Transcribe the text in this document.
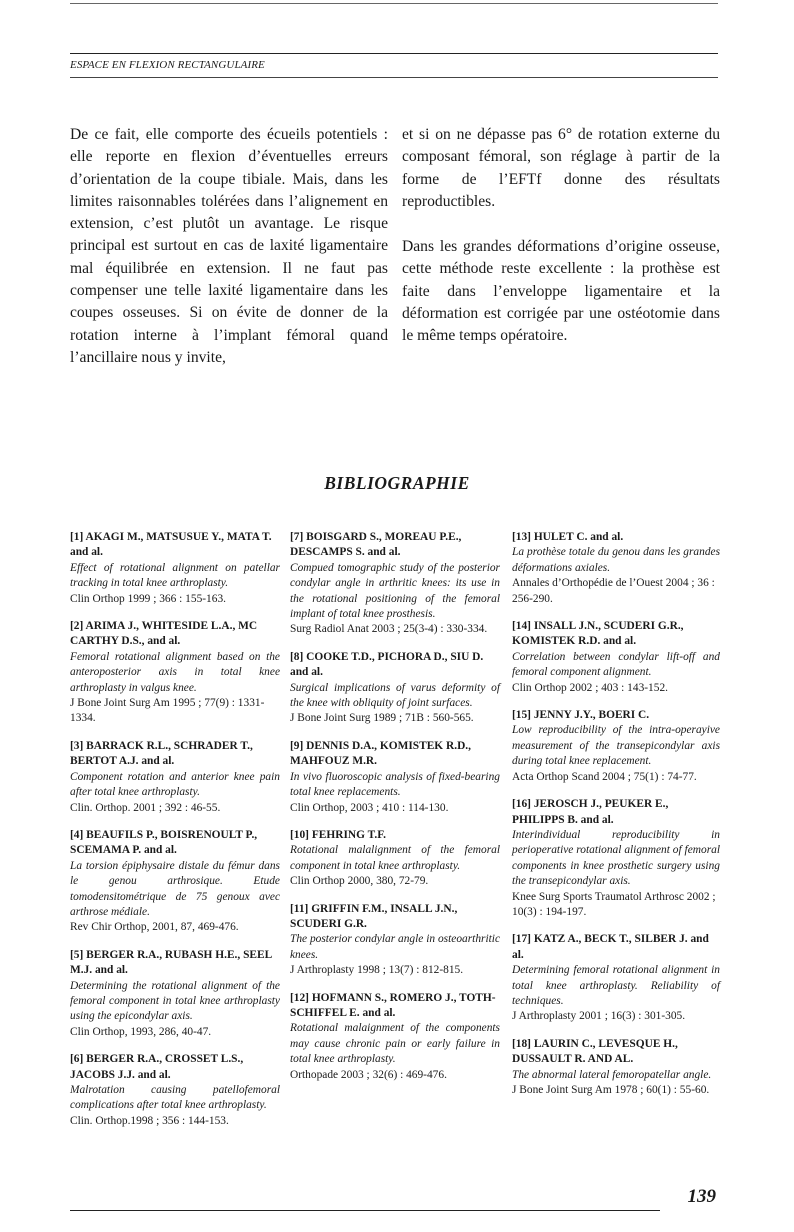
ESPACE EN FLEXION RECTANGULAIRE

De ce fait, elle comporte des écueils potentiels : elle reporte en flexion d’éventuelles erreurs d’orientation de la coupe tibiale. Mais, dans les limites raisonnables tolérées dans l’alignement en extension, c’est plutôt un avantage. Le risque principal est surtout en cas de laxité ligamentaire mal équilibrée en extension. Il ne faut pas compenser une telle laxité ligamentaire dans les coupes osseuses. Si on évite de donner de la rotation interne à l’implant fémoral quand l’ancillaire nous y invite,

et si on ne dépasse pas 6° de rotation externe du composant fémoral, son réglage à partir de la forme de l’EFTf donne des résultats reproductibles.

Dans les grandes déformations d’origine osseuse, cette méthode reste excellente : la prothèse est faite dans l’enveloppe ligamentaire et la déformation est corrigée par une ostéotomie dans le même temps opératoire.

BIBLIOGRAPHIE
[1] AKAGI M., MATSUSUE Y., MATA T. and al.
Effect of rotational alignment on patellar tracking in total knee arthroplasty.
Clin Orthop 1999 ; 366 : 155-163.
[2] ARIMA J., WHITESIDE L.A., MC CARTHY D.S., and al.
Femoral rotational alignment based on the anteroposterior axis in total knee arthroplasty in valgus knee.
J Bone Joint Surg Am 1995 ; 77(9) : 1331-1334.
[3] BARRACK R.L., SCHRADER T., BERTOT A.J. and al.
Component rotation and anterior knee pain after total knee arthroplasty.
Clin. Orthop. 2001 ; 392 : 46-55.
[4] BEAUFILS P., BOISRENOULT P., SCEMAMA P. and al.
La torsion épiphysaire distale du fémur dans le genou arthrosique. Etude tomodensitométrique de 75 genoux avec arthrose médiale.
Rev Chir Orthop, 2001, 87, 469-476.
[5] BERGER R.A., RUBASH H.E., SEEL M.J. and al.
Determining the rotational alignment of the femoral component in total knee arthroplasty using the epicondylar axis.
Clin Orthop, 1993, 286, 40-47.
[6] BERGER R.A., CROSSET L.S., JACOBS J.J. and al.
Malrotation causing patellofemoral complications after total knee arthroplasty.
Clin. Orthop.1998 ; 356 : 144-153.
[7] BOISGARD S., MOREAU P.E., DESCAMPS S. and al.
Compued tomographic study of the posterior condylar angle in arthritic knees: its use in the rotational positioning of the femoral implant of total knee prosthesis.
Surg Radiol Anat 2003 ; 25(3-4) : 330-334.
[8] COOKE T.D., PICHORA D., SIU D. and al.
Surgical implications of varus deformity of the knee with obliquity of joint surfaces.
J Bone Joint Surg 1989 ; 71B : 560-565.
[9] DENNIS D.A., KOMISTEK R.D., MAHFOUZ M.R.
In vivo fluoroscopic analysis of fixed-bearing total knee replacements.
Clin Orthop, 2003 ; 410 : 114-130.
[10] FEHRING T.F.
Rotational malalignment of the femoral component in total knee arthroplasty.
Clin Orthop 2000, 380, 72-79.
[11] GRIFFIN F.M., INSALL J.N., SCUDERI G.R.
The posterior condylar angle in osteoarthritic knees.
J Arthroplasty 1998 ; 13(7) : 812-815.
[12] HOFMANN S., ROMERO J., TOTH-SCHIFFEL E. and al.
Rotational malaignment of the components may cause chronic pain or early failure in total knee arthroplasty.
Orthopade 2003 ; 32(6) : 469-476.
[13] HULET C. and al.
La prothèse totale du genou dans les grandes déformations axiales.
Annales d’Orthopédie de l’Ouest 2004 ; 36 : 256-290.
[14] INSALL J.N., SCUDERI G.R., KOMISTEK R.D. and al.
Correlation between condylar lift-off and femoral component alignment.
Clin Orthop 2002 ; 403 : 143-152.
[15] JENNY J.Y., BOERI C.
Low reproducibility of the intra-operayive measurement of the transepicondylar axis during total knee replacement.
Acta Orthop Scand 2004 ; 75(1) : 74-77.
[16] JEROSCH J., PEUKER E., PHILIPPS B. and al.
Interindividual reproducibility in perioperative rotational alignment of femoral components in knee prosthetic surgery using the transepicondylar axis.
Knee Surg Sports Traumatol Arthrosc 2002 ; 10(3) : 194-197.
[17] KATZ A., BECK T., SILBER J. and al.
Determining femoral rotational alignment in total knee arthroplasty. Reliability of techniques.
J Arthroplasty 2001 ; 16(3) : 301-305.
[18] LAURIN C., LEVESQUE H., DUSSAULT R. AND AL.
The abnormal lateral femoropatellar angle.
J Bone Joint Surg Am 1978 ; 60(1) : 55-60.
139
